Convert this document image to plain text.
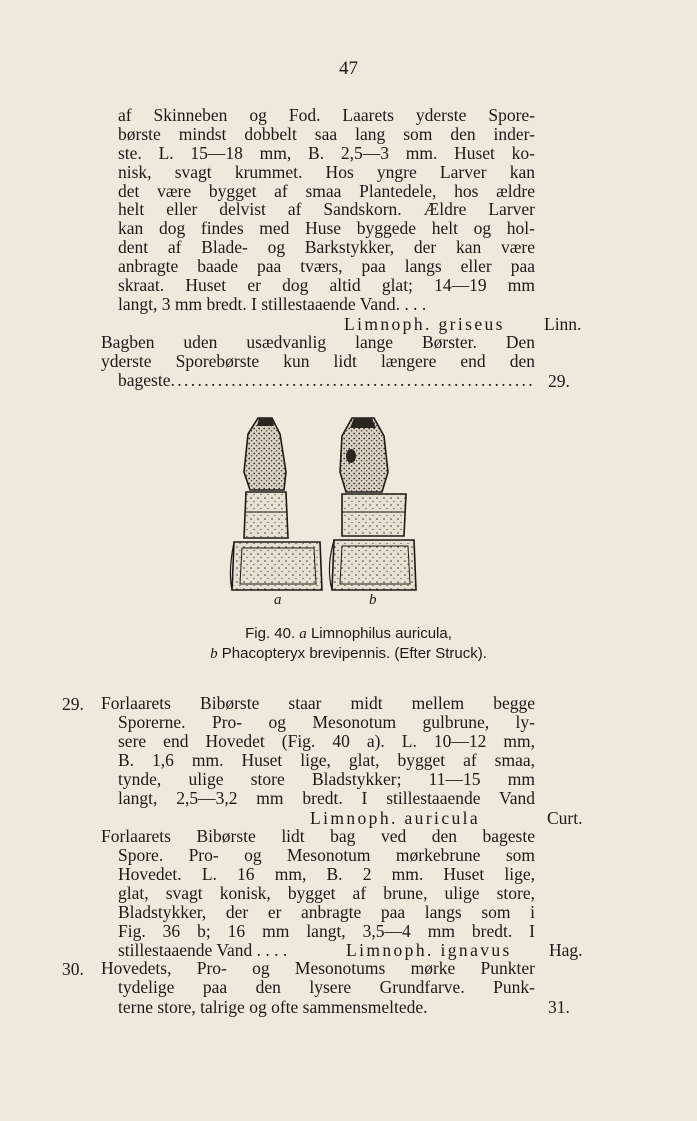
47
af Skinneben og Fod. Laarets yderste Spore-
børste mindst dobbelt saa lang som den inder-
ste. L. 15—18 mm, B. 2,5—3 mm. Huset ko-
nisk, svagt krummet. Hos yngre Larver kan
det være bygget af smaa Plantedele, hos ældre
helt eller delvist af Sandskorn. Ældre Larver
kan dog findes med Huse byggede helt og hol-
dent af Blade- og Barkstykker, der kan være
anbragte baade paa tværs, paa langs eller paa
skraat. Huset er dog altid glat; 14—19 mm
langt, 3 mm bredt. I stillestaaende Vand. . . .
Limnoph. griseus Linn.
Bagben uden usædvanlig lange Børster. Den
yderste Sporebørste kun lidt længere end den
bageste
. . .	29.
a	b
Fig. 40. a Limnophilus auricula,
b Phacopteryx brevipennis. (Efter Struck).
29. Forlaarets Bibørste staar midt mellem begge
Sporerne. Pro- og Mesonotum gulbrune, ly-
sere end Hovedet (Fig. 40 a). L. 10—12 mm,
B. 1,6 mm. Huset lige, glat, bygget af smaa,
tynde, ulige store Bladstykker; 11—15 mm
langt, 2,5—3,2 mm bredt. I stillestaaende Vand
Limnoph. auricula	Curt.
Forlaarets Bibørste lidt bag ved den bageste
Spore. Pro- og Mesonotum mørkebrune som
Hovedet. L. 16 mm, B. 2 mm. Huset lige,
glat, svagt konisk, bygget af brune, ulige store,
Bladstykker, der er anbragte paa langs som i
Fig. 36 b; 16 mm langt, 3,5—4 mm bredt. I
stillestaaende Vand . . . .	Limnoph. ignavus Hag.
30. Hovedets, Pro- og Mesonotums mørke Punkter
tydelige paa den lysere Grundfarve. Punk-
terne store, talrige og ofte sammensmeltede.	31.
